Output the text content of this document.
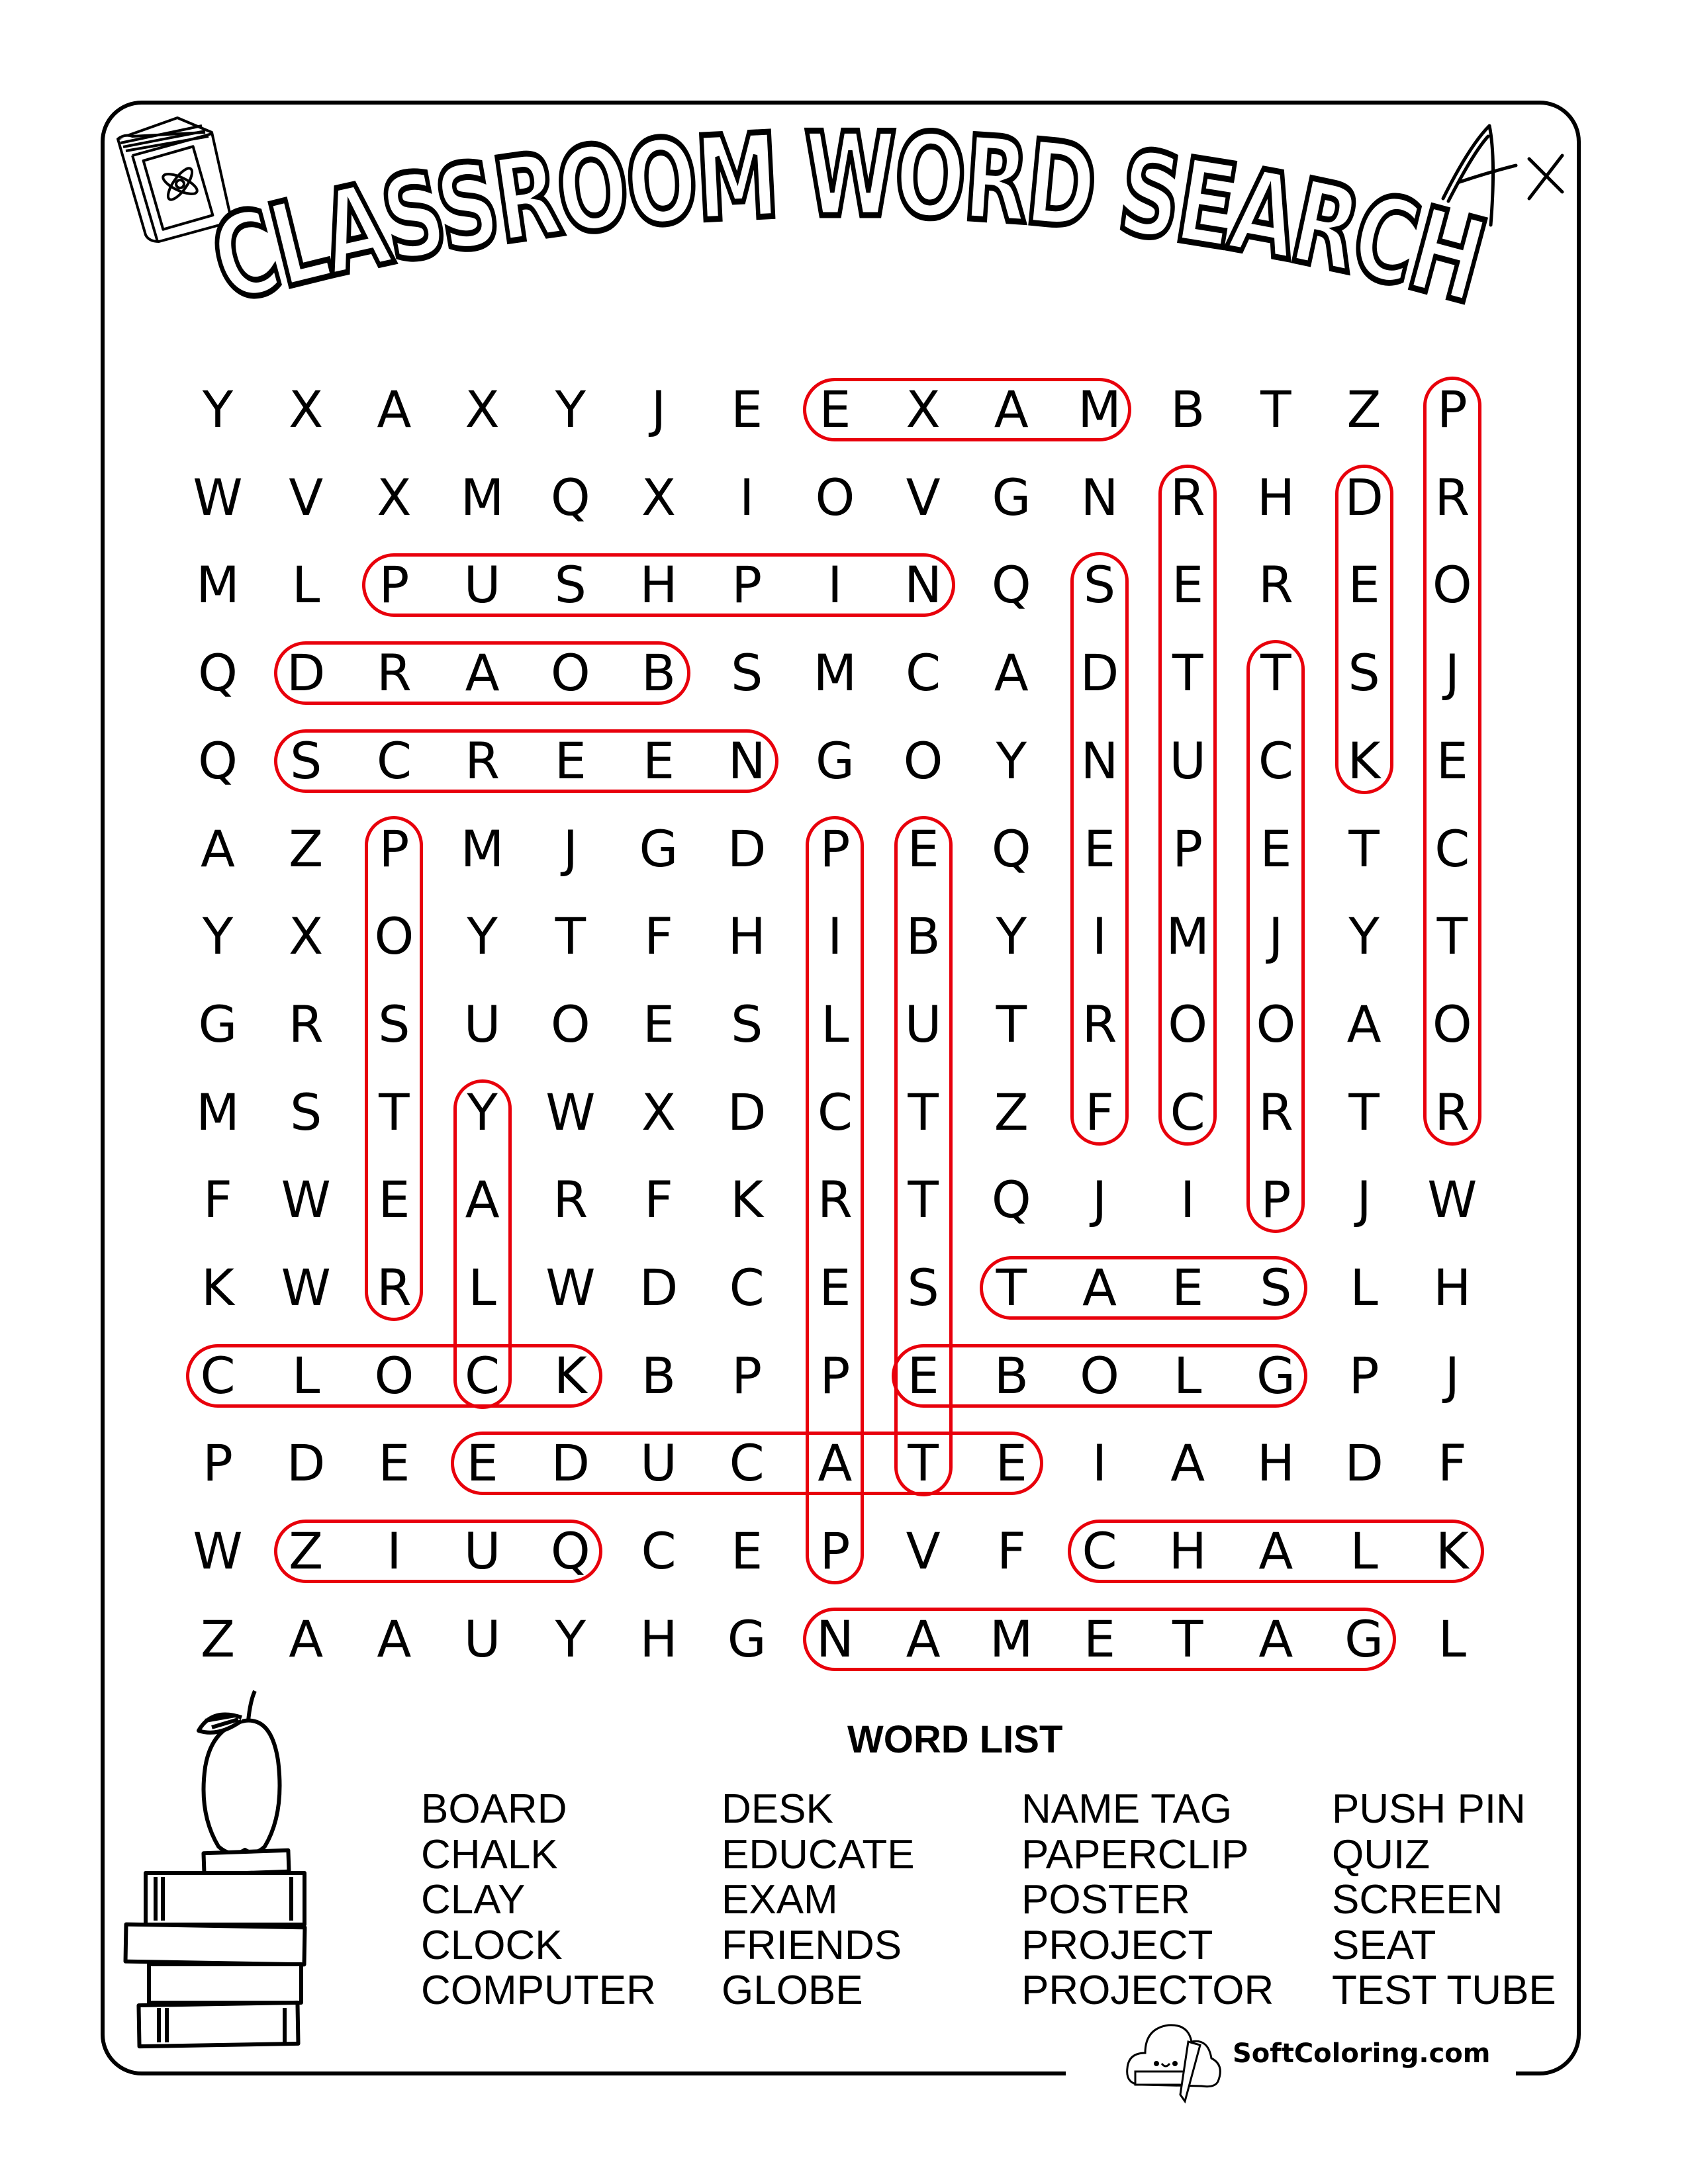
CLASSROOM WORD SEARCH
Y	X	A	X	Y	J	E	E	X	A M B	T	Z	P
W V	X M Q	X	I	O	V	G N	R	H D	R
M	L	P	U	S	H	P	I	N Q	S	E	R	E	O
Q D	R	A	O	B	S	M C	A	D	T	T	S	J
Q	S	C	R	E	E	N G O	Y	N U	C	K	E
A	Z	P	M	J	G D	P	E	Q	E	P	E	T	C
Y	X	O	Y	T	F	H	I	B	Y	I	M	J	Y	T
G	R	S	U O	E	S	L	U	T	R	O O	A	O
M	S	T	Y W X	D	C	T	Z	F	C	R	T	R
F W E	A	R	F	K	R	T	Q	J	I	P	J	W
K W R	L W D	C	E	S	T	A	E	S	L	H
C	L	O	C	K	B	P	P	E	B	O	L	G	P	J
P	D	E	E	D U	C	A	T	E	I	A	H D	F
W Z	I	U Q	C	E	P	V	F	C	H	A	L	K
Z	A	A	U	Y	H G N	A M	E	T	A	G	L
WORD LIST
BOARD
CHALK
CLAY
CLOCK
COMPUTER
DESK
EDUCATE
EXAM
FRIENDS
GLOBE
NAME TAG
PAPERCLIP
POSTER
PROJECT
PROJECTOR
PUSH PIN
QUIZ
SCREEN
SEAT
TEST TUBE
SoftColoring.com
